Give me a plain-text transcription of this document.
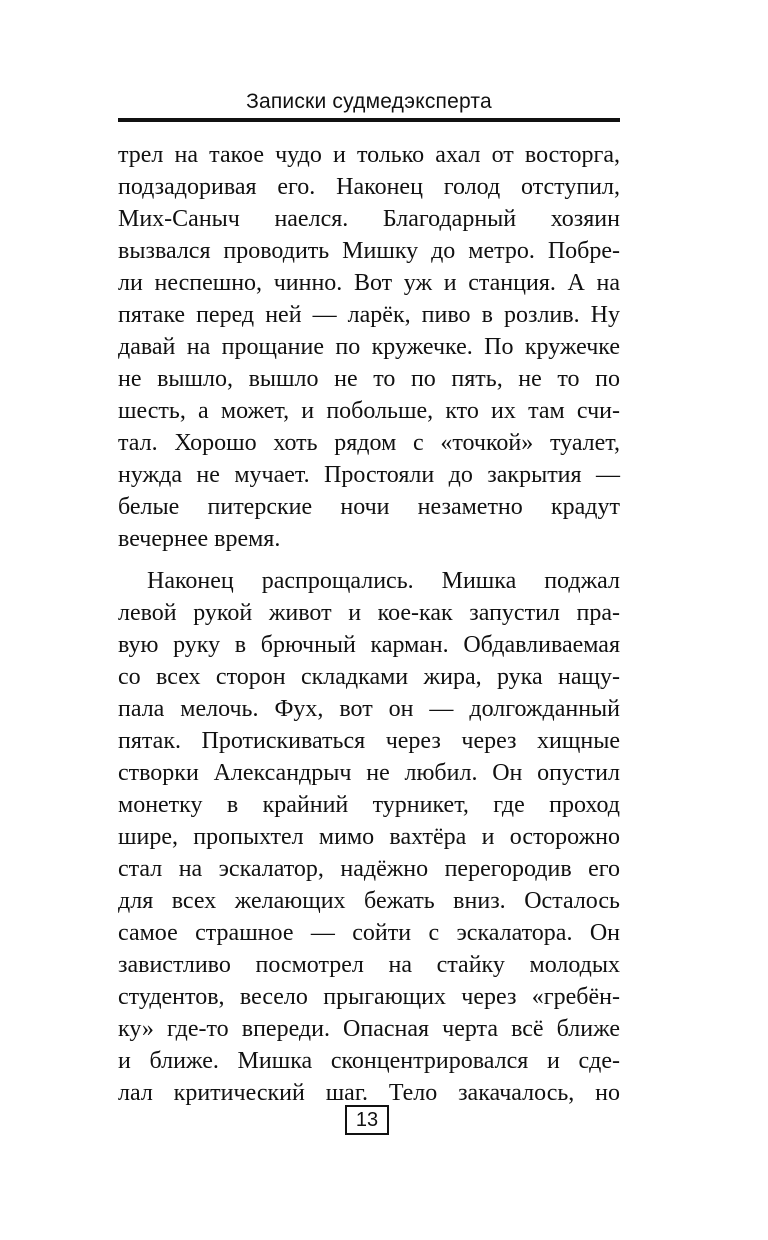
Записки судмедэксперта
трел на такое чудо и только ахал от восторга,
подзадоривая его. Наконец голод отступил,
Мих-Саныч наелся. Благодарный хозяин
вызвался проводить Мишку до метро. Побре-
ли неспешно, чинно. Вот уж и станция. А на
пятаке перед ней — ларёк, пиво в розлив. Ну
давай на прощание по кружечке. По кружечке
не вышло, вышло не то по пять, не то по
шесть, а может, и побольше, кто их там счи-
тал. Хорошо хоть рядом с «точкой» туалет,
нужда не мучает. Простояли до закрытия —
белые питерские ночи незаметно крадут
вечернее время.
Наконец распрощались. Мишка поджал
левой рукой живот и кое-как запустил пра-
вую руку в брючный карман. Обдавливаемая
со всех сторон складками жира, рука нащу-
пала мелочь. Фух, вот он — долгожданный
пятак. Протискиваться через через хищные
створки Александрыч не любил. Он опустил
монетку в крайний турникет, где проход
шире, пропыхтел мимо вахтёра и осторожно
стал на эскалатор, надёжно перегородив его
для всех желающих бежать вниз. Осталось
самое страшное — сойти с эскалатора. Он
завистливо посмотрел на стайку молодых
студентов, весело прыгающих через «гребён-
ку» где-то впереди. Опасная черта всё ближе
и ближе. Мишка сконцентрировался и сде-
лал критический шаг. Тело закачалось, но
13
